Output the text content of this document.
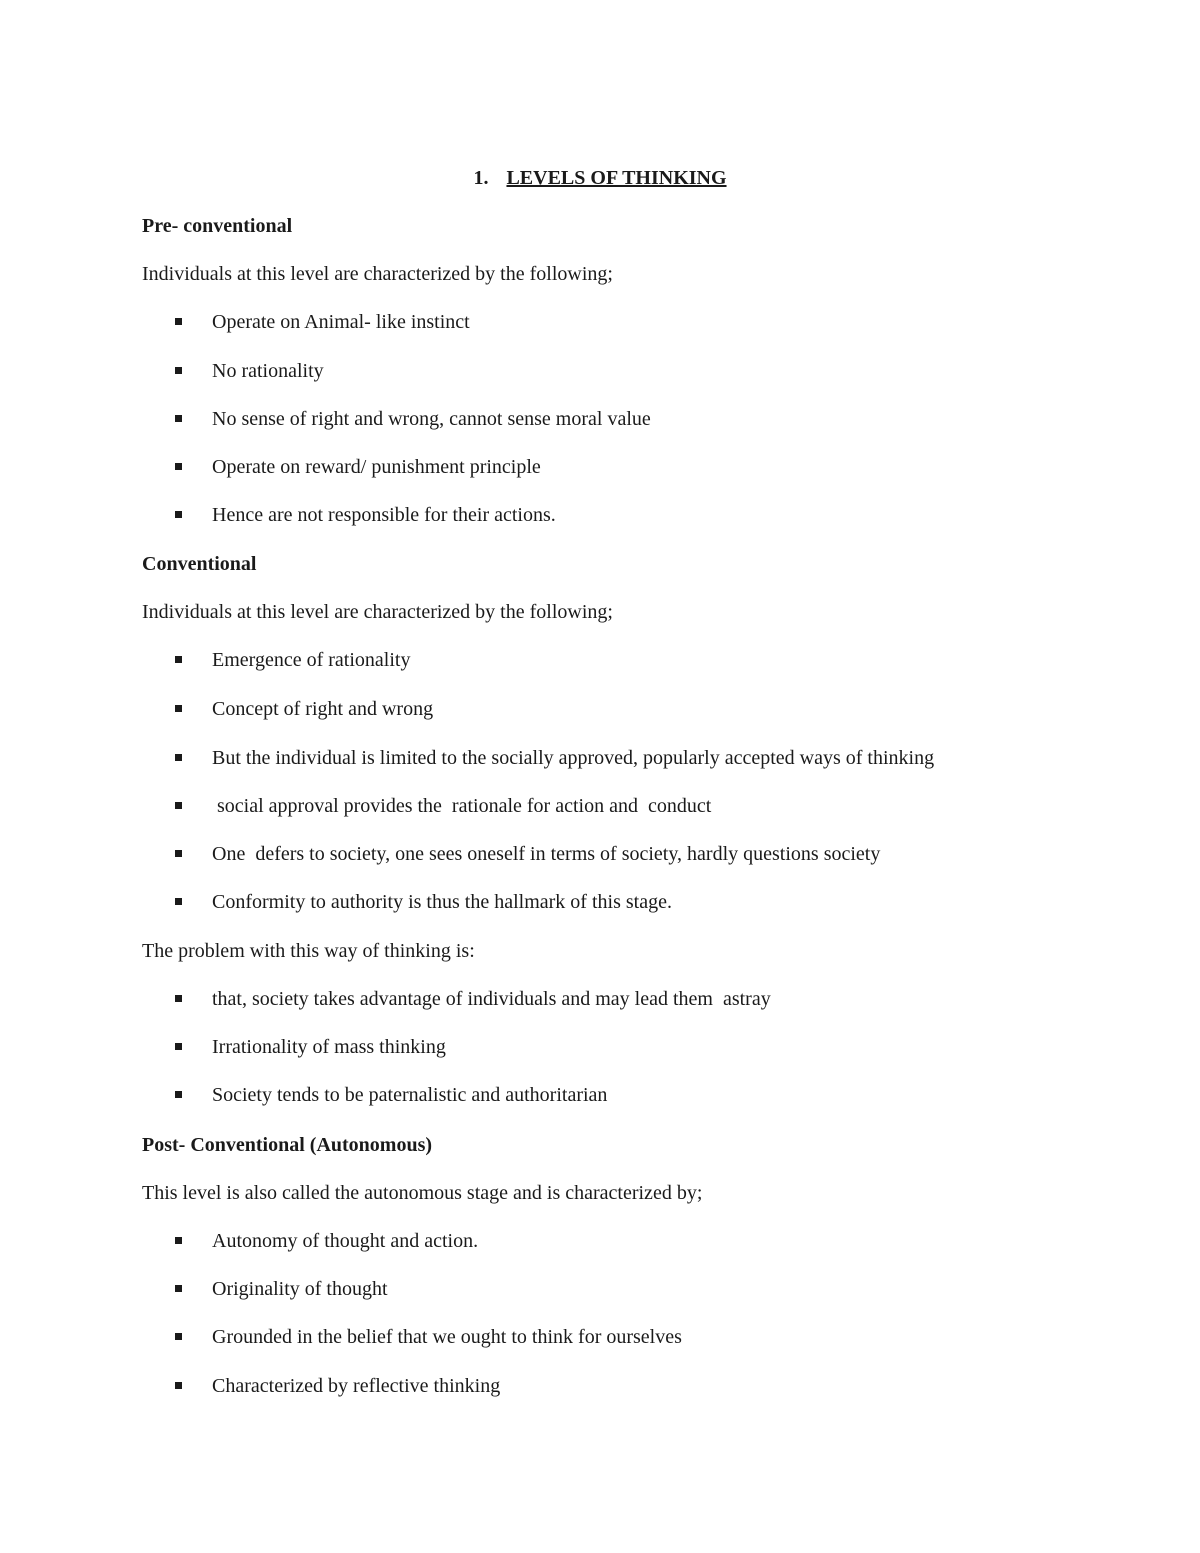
1. LEVELS OF THINKING
Pre- conventional
Individuals at this level are characterized by the following;
Operate on Animal- like instinct
No rationality
No sense of right and wrong, cannot sense moral value
Operate on reward/ punishment principle
Hence are not responsible for their actions.
Conventional
Individuals at this level are characterized by the following;
Emergence of rationality
Concept of right and wrong
But the individual is limited to the socially approved, popularly accepted ways of thinking
social approval provides the  rationale for action and  conduct
One  defers to society, one sees oneself in terms of society, hardly questions society
Conformity to authority is thus the hallmark of this stage.
The problem with this way of thinking is:
that, society takes advantage of individuals and may lead them  astray
Irrationality of mass thinking
Society tends to be paternalistic and authoritarian
Post- Conventional (Autonomous)
This level is also called the autonomous stage and is characterized by;
Autonomy of thought and action.
Originality of thought
Grounded in the belief that we ought to think for ourselves
Characterized by reflective thinking
